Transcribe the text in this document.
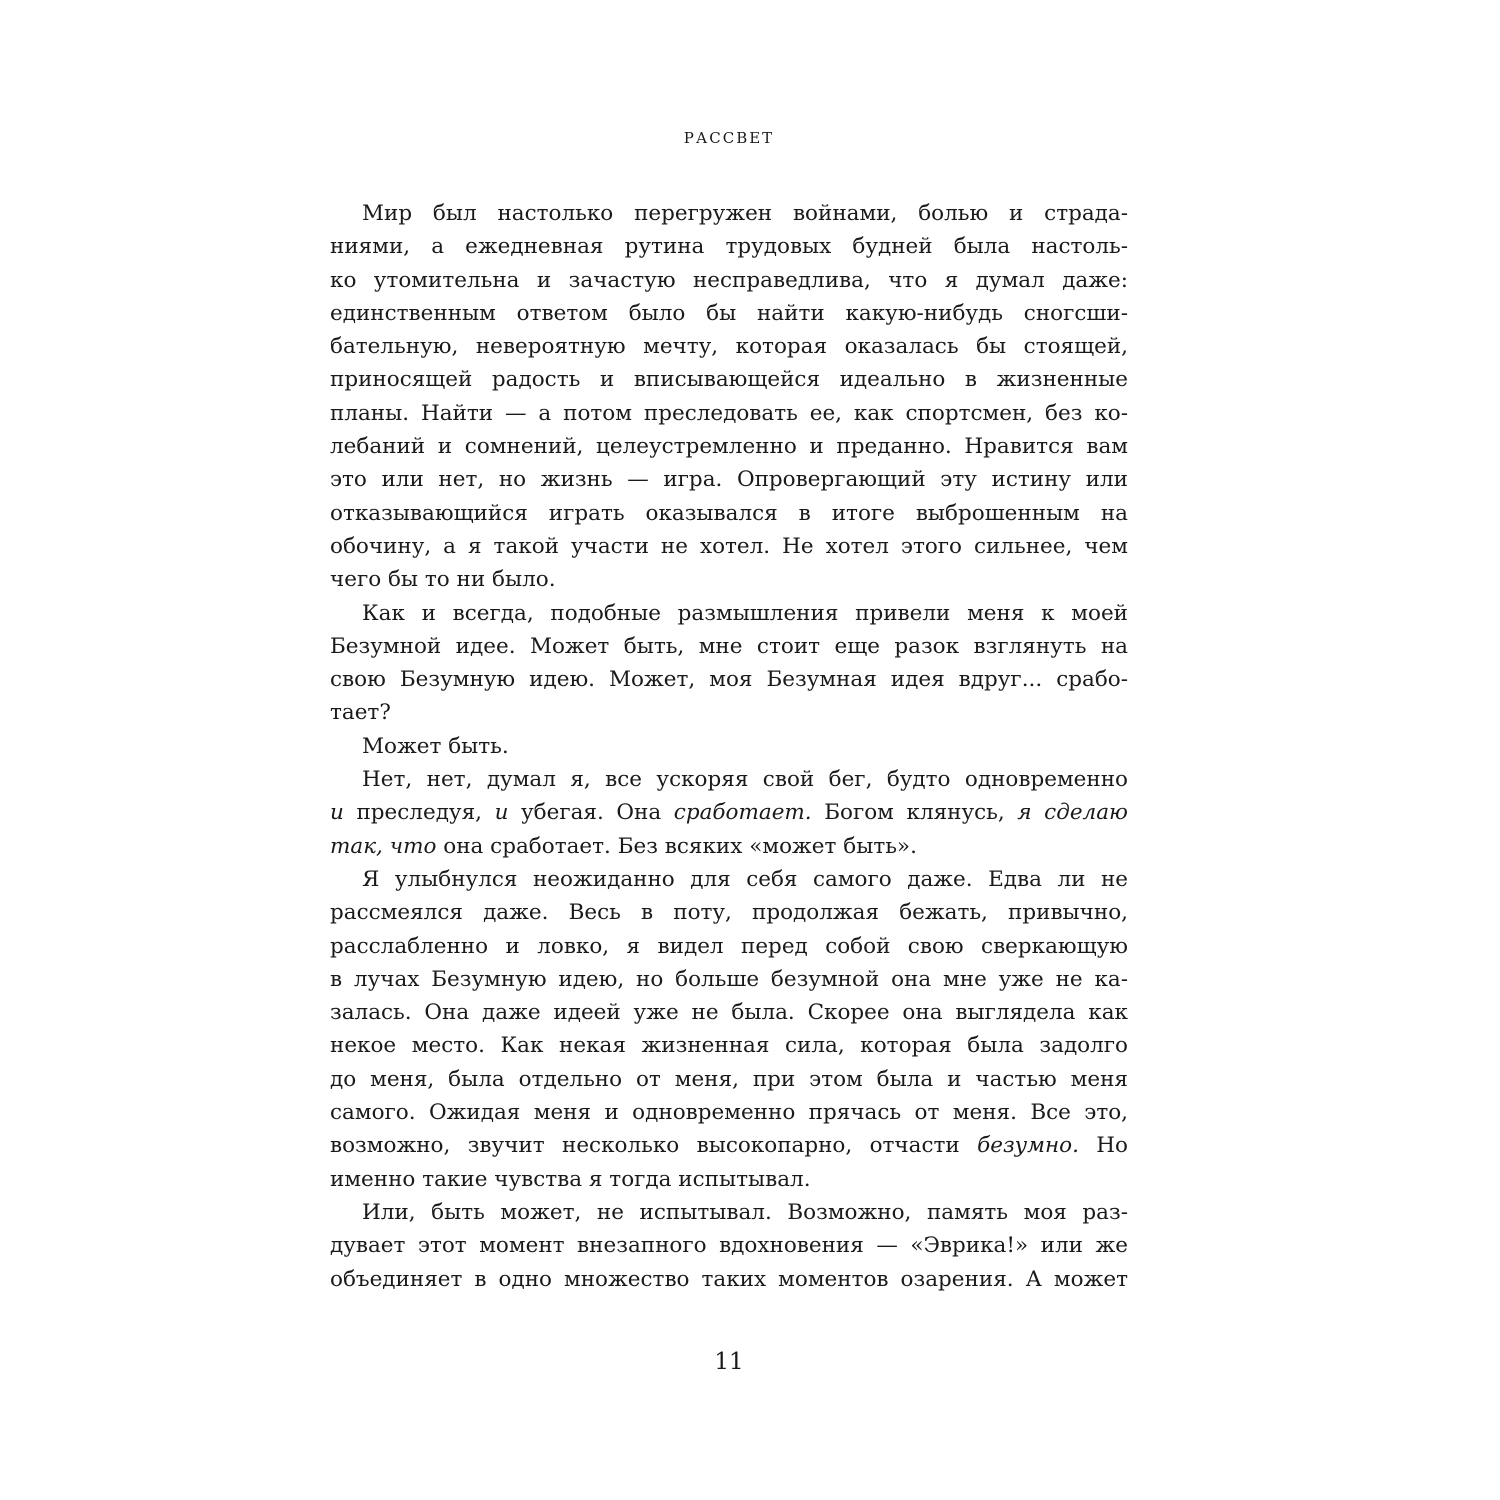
рассвет
Мир был настолько перегружен войнами, болью и страда-
ниями, а ежедневная рутина трудовых будней была настоль-
ко утомительна и зачастую несправедлива, что я думал даже:
единственным ответом было бы найти какую-нибудь сногсши-
бательную, невероятную мечту, которая оказалась бы стоящей,
приносящей радость и вписывающейся идеально в жизненные
планы. Найти — а потом преследовать ее, как спортсмен, без ко-
лебаний и сомнений, целеустремленно и преданно. Нравится вам
это или нет, но жизнь — игра. Опровергающий эту истину или
отказывающийся играть оказывался в итоге выброшенным на
обочину, а я такой участи не хотел. Не хотел этого сильнее, чем
чего бы то ни было.
Как и всегда, подобные размышления привели меня к моей
Безумной идее. Может быть, мне стоит еще разок взглянуть на
свою Безумную идею. Может, моя Безумная идея вдруг... срабо-
тает?
Может быть.
Нет, нет, думал я, все ускоряя свой бег, будто одновременно
и преследуя, и убегая. Она сработает. Богом клянусь, я сделаю
так, что она сработает. Без всяких «может быть».
Я улыбнулся неожиданно для себя самого даже. Едва ли не
рассмеялся даже. Весь в поту, продолжая бежать, привычно,
расслабленно и ловко, я видел перед собой свою сверкающую
в лучах Безумную идею, но больше безумной она мне уже не ка-
залась. Она даже идеей уже не была. Скорее она выглядела как
некое место. Как некая жизненная сила, которая была задолго
до меня, была отдельно от меня, при этом была и частью меня
самого. Ожидая меня и одновременно прячась от меня. Все это,
возможно, звучит несколько высокопарно, отчасти безумно. Но
именно такие чувства я тогда испытывал.
Или, быть может, не испытывал. Возможно, память моя раз-
дувает этот момент внезапного вдохновения — «Эврика!» или же
объединяет в одно множество таких моментов озарения. А может
11
